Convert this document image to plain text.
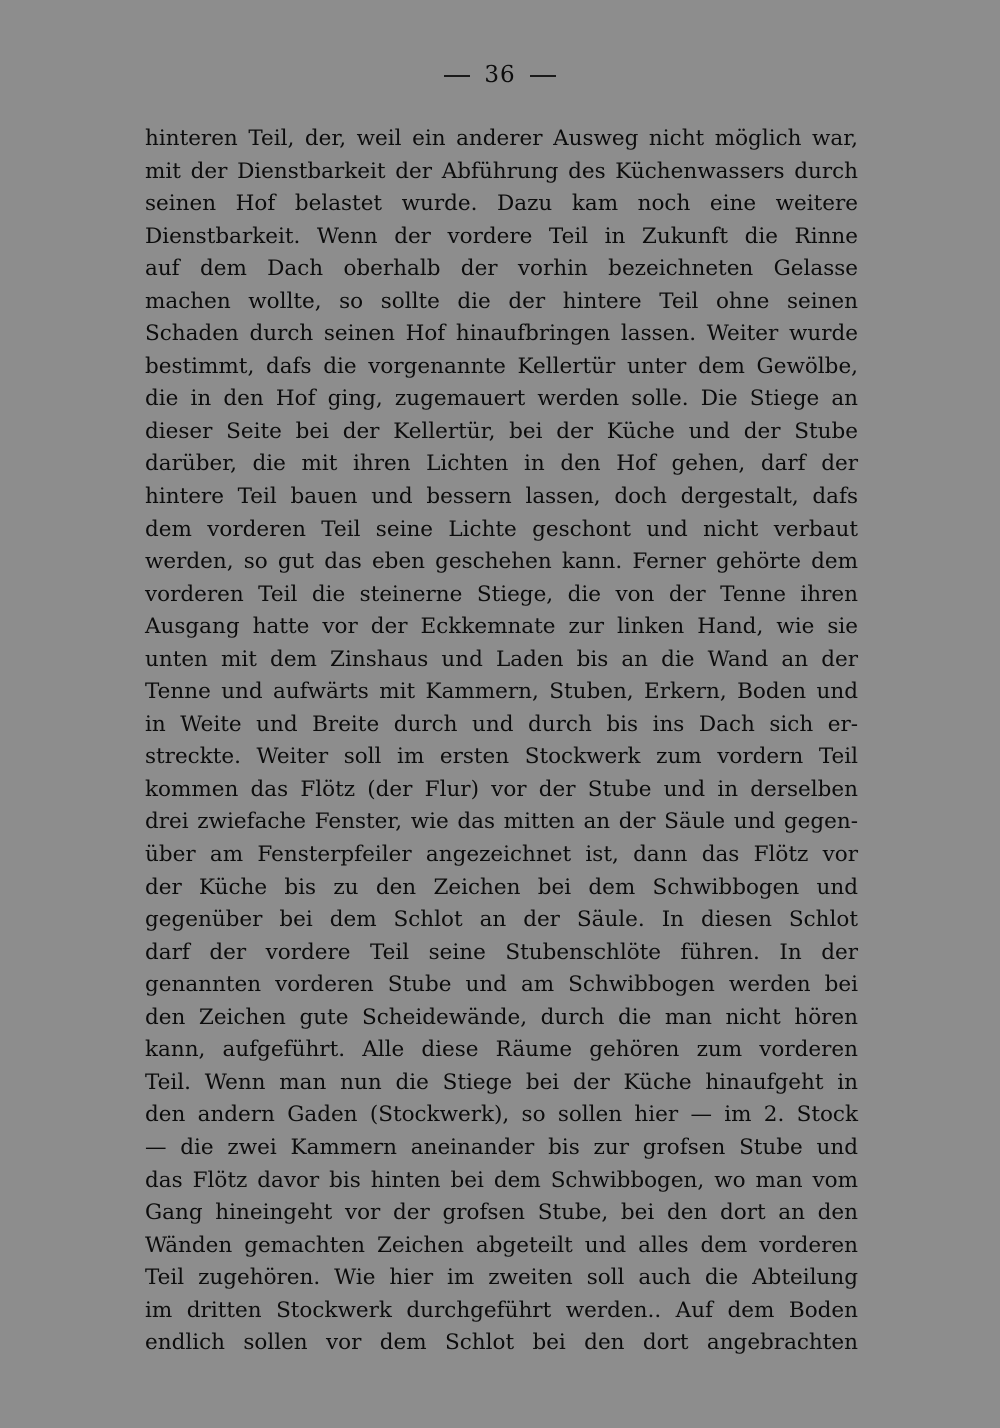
36
hinteren Teil, der, weil ein anderer Ausweg nicht möglich war,
mit der Dienstbarkeit der Abführung des Küchenwassers durch
seinen Hof belastet wurde. Dazu kam noch eine weitere
Dienstbarkeit. Wenn der vordere Teil in Zukunft die Rinne
auf dem Dach oberhalb der vorhin bezeichneten Gelasse
machen wollte, so sollte die der hintere Teil ohne seinen
Schaden durch seinen Hof hinaufbringen lassen. Weiter wurde
bestimmt, dafs die vorgenannte Kellertür unter dem Gewölbe,
die in den Hof ging, zugemauert werden solle. Die Stiege an
dieser Seite bei der Kellertür, bei der Küche und der Stube
darüber, die mit ihren Lichten in den Hof gehen, darf der
hintere Teil bauen und bessern lassen, doch dergestalt, dafs
dem vorderen Teil seine Lichte geschont und nicht verbaut
werden, so gut das eben geschehen kann. Ferner gehörte dem
vorderen Teil die steinerne Stiege, die von der Tenne ihren
Ausgang hatte vor der Eckkemnate zur linken Hand, wie sie
unten mit dem Zinshaus und Laden bis an die Wand an der
Tenne und aufwärts mit Kammern, Stuben, Erkern, Boden und
in Weite und Breite durch und durch bis ins Dach sich er-
streckte. Weiter soll im ersten Stockwerk zum vordern Teil
kommen das Flötz (der Flur) vor der Stube und in derselben
drei zwiefache Fenster, wie das mitten an der Säule und gegen-
über am Fensterpfeiler angezeichnet ist, dann das Flötz vor
der Küche bis zu den Zeichen bei dem Schwibbogen und
gegenüber bei dem Schlot an der Säule. In diesen Schlot
darf der vordere Teil seine Stubenschlöte führen. In der
genannten vorderen Stube und am Schwibbogen werden bei
den Zeichen gute Scheidewände, durch die man nicht hören
kann, aufgeführt. Alle diese Räume gehören zum vorderen
Teil. Wenn man nun die Stiege bei der Küche hinaufgeht in
den andern Gaden (Stockwerk), so sollen hier — im 2. Stock
— die zwei Kammern aneinander bis zur grofsen Stube und
das Flötz davor bis hinten bei dem Schwibbogen, wo man vom
Gang hineingeht vor der grofsen Stube, bei den dort an den
Wänden gemachten Zeichen abgeteilt und alles dem vorderen
Teil zugehören. Wie hier im zweiten soll auch die Abteilung
im dritten Stockwerk durchgeführt werden.. Auf dem Boden
endlich sollen vor dem Schlot bei den dort angebrachten
